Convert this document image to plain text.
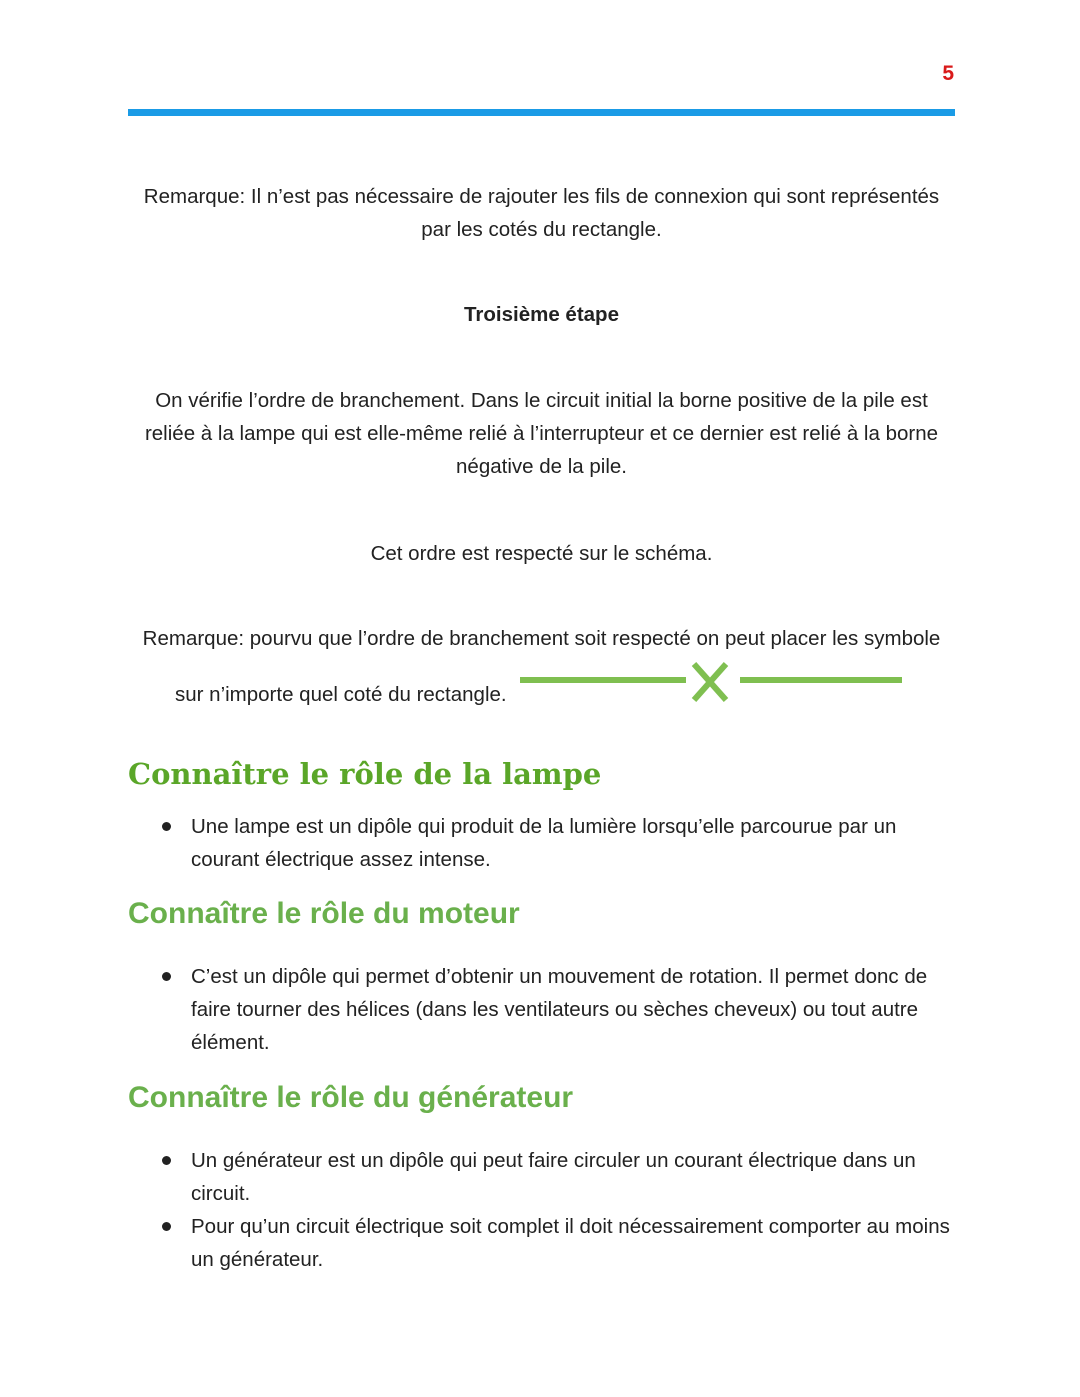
5

Remarque: Il n’est pas nécessaire de rajouter les fils de connexion qui sont représentés par les cotés du rectangle.

Troisième étape

On vérifie l’ordre de branchement. Dans le circuit initial la borne positive de la pile est reliée à la lampe qui est elle-même relié à l’interrupteur et ce dernier est relié à la borne négative de la pile.

Cet ordre est respecté sur le schéma.

Remarque: pourvu que l’ordre de branchement soit respecté on peut placer les symbole

sur n’importe quel coté du rectangle.

Connaître le rôle de la lampe
Une lampe est un dipôle qui produit de la lumière lorsqu’elle parcourue par un courant électrique assez intense.
Connaître le rôle du moteur
C’est un dipôle qui permet d’obtenir un mouvement de rotation. Il permet donc de faire tourner des hélices (dans les ventilateurs ou sèches cheveux) ou tout autre élément.
Connaître le rôle du générateur
Un générateur est un dipôle qui peut faire circuler un courant électrique dans un circuit.
Pour qu’un circuit électrique soit complet il doit nécessairement comporter au moins un générateur.
